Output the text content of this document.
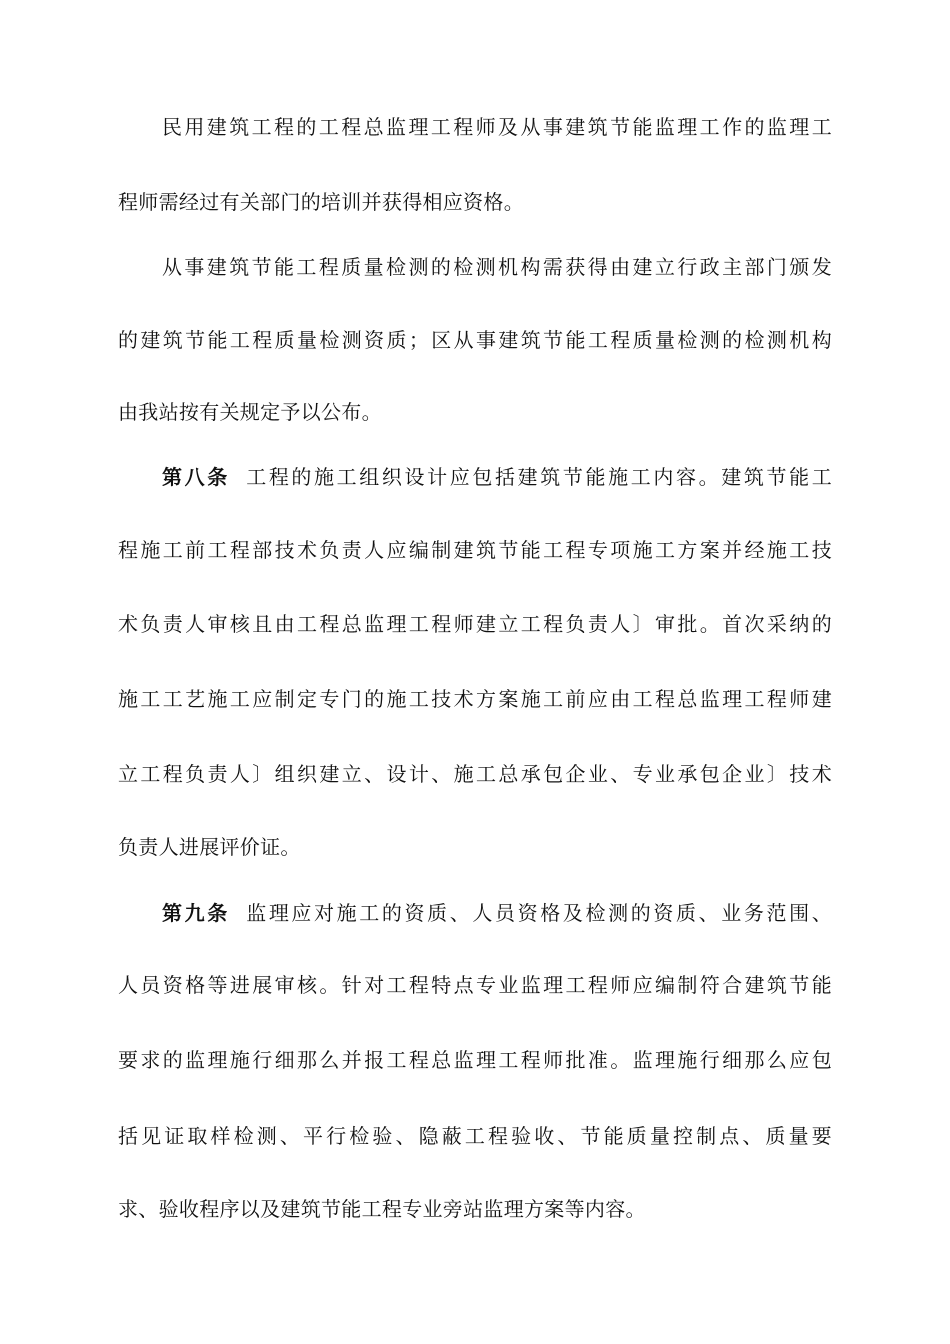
民用建筑工程的工程总监理工程师及从事建筑节能监理工作的监理工
程师需经过有关部门的培训并获得相应资格。
从事建筑节能工程质量检测的检测机构需获得由建立行政主部门颁发
的建筑节能工程质量检测资质；区从事建筑节能工程质量检测的检测机构
由我站按有关规定予以公布。
第八条 工程的施工组织设计应包括建筑节能施工内容。建筑节能工
程施工前工程部技术负责人应编制建筑节能工程专项施工方案并经施工技
术负责人审核且由工程总监理工程师建立工程负责人〕审批。首次采纳的
施工工艺施工应制定专门的施工技术方案施工前应由工程总监理工程师建
立工程负责人〕组织建立、设计、施工总承包企业、专业承包企业〕技术
负责人进展评价证。
第九条 监理应对施工的资质、人员资格及检测的资质、业务范围、
人员资格等进展审核。针对工程特点专业监理工程师应编制符合建筑节能
要求的监理施行细那么并报工程总监理工程师批准。监理施行细那么应包
括见证取样检测、平行检验、隐蔽工程验收、节能质量控制点、质量要
求、验收程序以及建筑节能工程专业旁站监理方案等内容。
